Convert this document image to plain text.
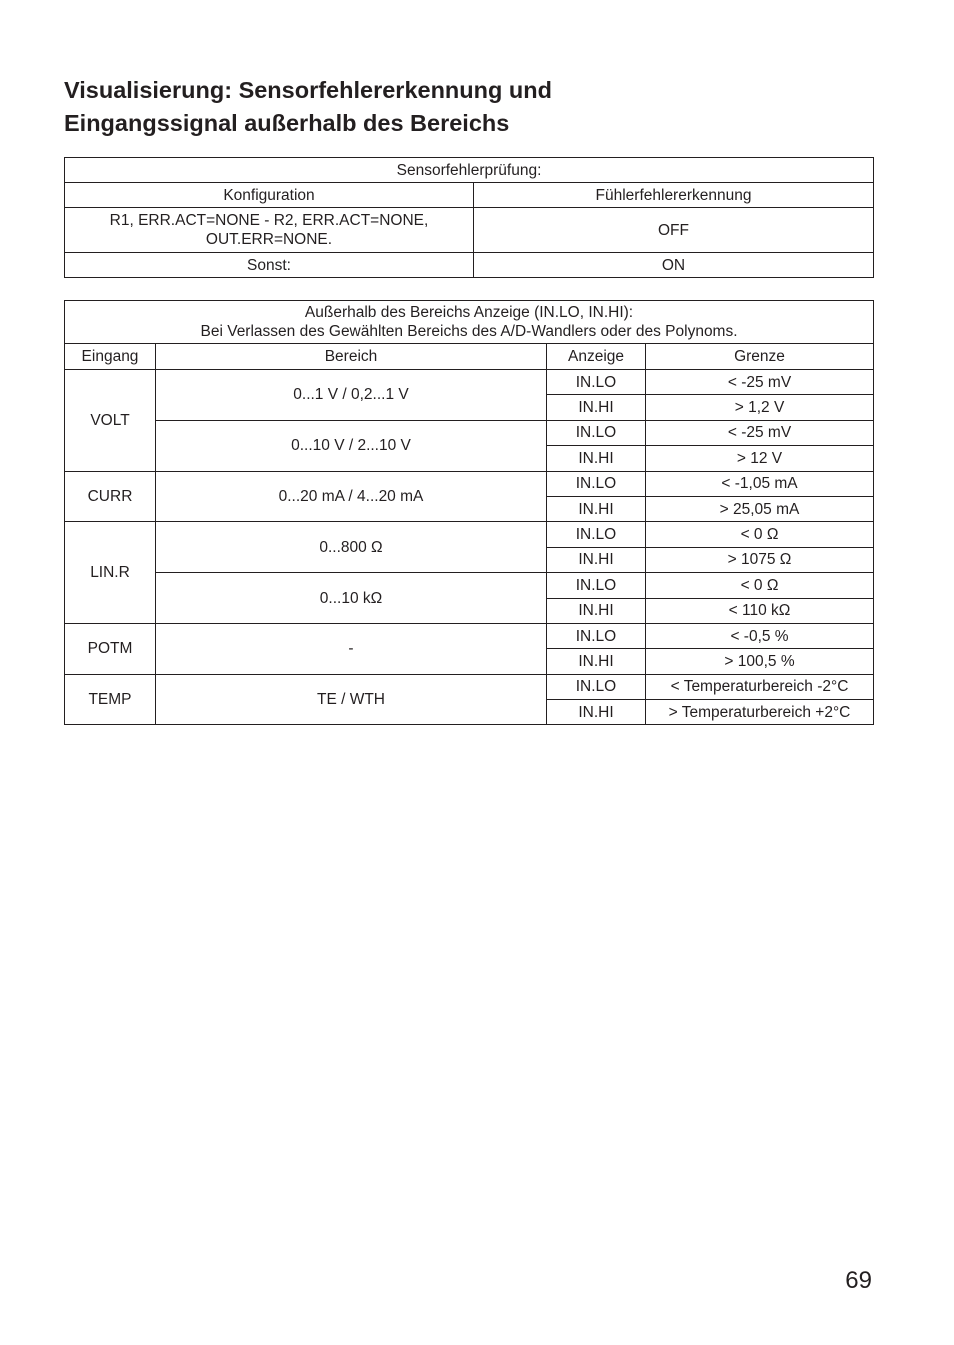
Visualisierung: Sensorfehlererkennung und
Eingangssignal außerhalb des Bereichs
Sensorfehlerprüfung:	
Konfiguration	Fühlerfehlererkennung

R1, ERR.ACT=NONE - R2, ERR.ACT=NONE,
OUT.ERR=NONE.	OFF
Sonst:	ON
Außerhalb des Bereichs Anzeige (IN.LO, IN.HI):
Bei Verlassen des Gewählten Bereichs des A/D-Wandlers oder des Polynoms.			

Eingang	Bereich	Anzeige	Grenze
VOLT	0...1 V / 0,2...1 V	IN.LO	< -25 mV
		IN.HI	> 1,2 V
	0...10 V / 2...10 V	IN.LO	< -25 mV
		IN.HI	> 12 V
CURR	0...20 mA / 4...20 mA	IN.LO	< -1,05 mA
		IN.HI	> 25,05 mA
LIN.R	0...800 Ω	IN.LO	< 0 Ω
		IN.HI	> 1075 Ω
	0...10 kΩ	IN.LO	< 0 Ω
		IN.HI	< 110 kΩ
POTM	-	IN.LO	< -0,5 %
		IN.HI	> 100,5 %
TEMP	TE / WTH	IN.LO	< Temperaturbereich -2°C
		IN.HI	> Temperaturbereich +2°C
69
